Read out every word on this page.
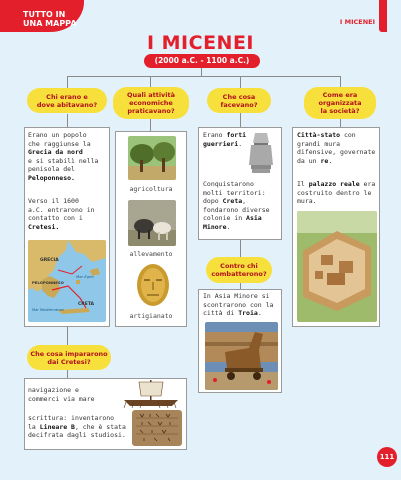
TUTTO IN
UNA MAPPA	I MICENEI
I MICENEI
(2000 a.C. - 1100 a.C.)
Chi erano e
dove abitavano?
Quali attività
economiche
praticavano?
Che cosa
facevano?
Come era
organizzata
la società?
Contro chi
combatterono?
Che cosa impararono
dai Cretesi?
Erano un popolo
che raggiunse la
Grecia da nord
e si stabilì nella
penisola del
Peloponneso.
Verso il 1600
a.C. entrarono in
contatto con i
Cretesi.
GRECIA
PELOPONNESO
Mar Egeo
Mar Mediterraneo
CRETA
agricoltura
allevamento
artigianato
Erano forti
guerrieri.
Conquistarono
molti territori:
dopo Creta,
fondarono diverse
colonie in Asia
Minore.
In Asia Minore si
scontrarono con la
città di Troia.
Città-stato con
grandi mura
difensive, governate
da un re.
Il palazzo reale era
costruito dentro le
mura.
navigazione e
commerci via mare
scrittura: inventarono
la Lineare B, che è stata
decifrata dagli studiosi.
111
